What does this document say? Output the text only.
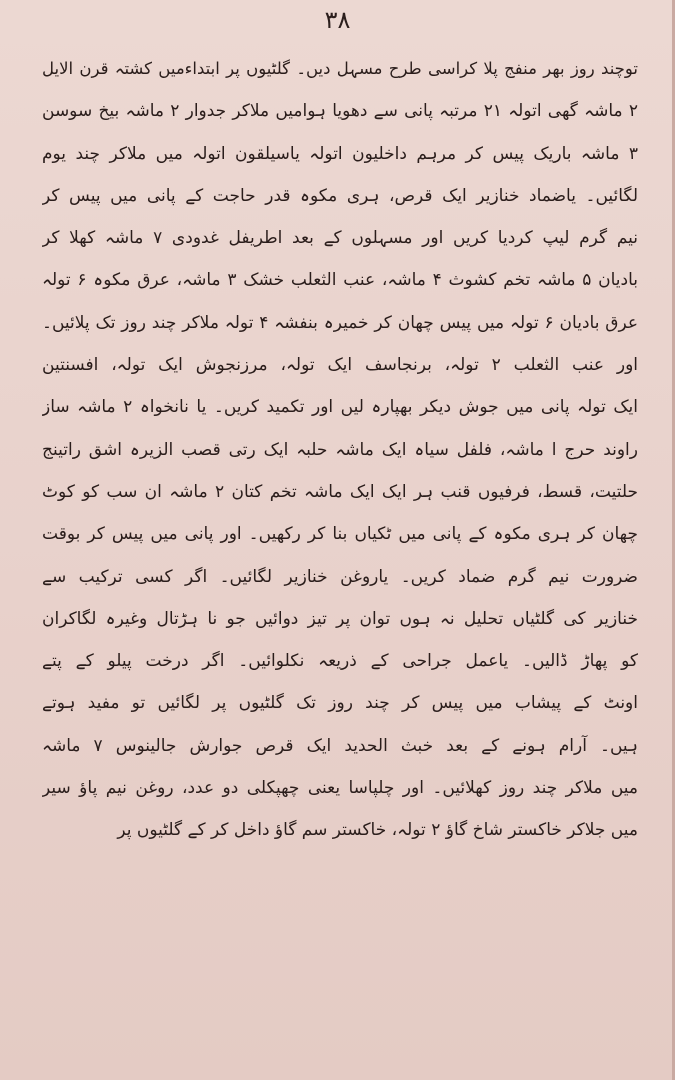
۳۸
توچند روز بھر منفج پلا کراسی طرح مسہل دیں۔ گلٹیوں پر ابتداءمیں کشتہ قرن الایل
۲ ماشہ گھی اتولہ ۲۱ مرتبہ پانی سے دھویا ہوامیں ملاکر جدوار ۲ ماشہ بیخ سوسن
۳ ماشہ باریک پیس کر مرہم داخلیون اتولہ یاسیلقون اتولہ میں ملاکر چند یوم
لگائیں۔ یاضماد خنازیر ایک قرص، ہری مکوہ قدر حاجت کے پانی میں پیس کر
نیم گرم لیپ کردیا کریں اور مسہلوں کے بعد اطریفل غدودی ۷ ماشہ کھلا کر
بادیان ۵ ماشہ تخم کشوث ۴ ماشہ، عنب الثعلب خشک ۳ ماشہ، عرق مکوہ ۶ تولہ
عرق بادیان ۶ تولہ میں پیس چھان کر خمیرہ بنفشہ ۴ تولہ ملاکر چند روز تک پلائیں۔
اور عنب الثعلب ۲ تولہ، برنجاسف ایک تولہ، مرزنجوش ایک تولہ، افسنتین
ایک تولہ پانی میں جوش دیکر بھپارہ لیں اور تکمید کریں۔ یا نانخواہ ۲ ماشہ ساز
راوند حرج ا ماشہ، فلفل سیاہ ایک ماشہ حلبہ ایک رتی قصب الزیرہ اشق راتینج
حلتیت، قسط، فرفیوں قنب ہر ایک ایک ماشہ تخم کتان ۲ ماشہ ان سب کو کوٹ
چھان کر ہری مکوہ کے پانی میں ٹکیاں بنا کر رکھیں۔ اور پانی میں پیس کر بوقت
ضرورت نیم گرم ضماد کریں۔ یاروغن خنازیر لگائیں۔ اگر کسی ترکیب سے
خنازیر کی گلٹیاں تحلیل نہ ہوں توان پر تیز دوائیں جو نا ہڑتال وغیرہ لگاکران
کو پھاڑ ڈالیں۔ یاعمل جراحی کے ذریعہ نکلوائیں۔ اگر درخت پیلو کے پتے
اونٹ کے پیشاب میں پیس کر چند روز تک گلٹیوں پر لگائیں تو مفید ہوتے
ہیں۔ آرام ہونے کے بعد خبث الحدید ایک قرص جوارش جالینوس ۷ ماشہ
میں ملاکر چند روز کھلائیں۔ اور چلپاسا یعنی چھپکلی دو عدد، روغن نیم پاؤ سیر
میں جلاکر خاکستر شاخ گاؤ ۲ تولہ، خاکستر سم گاؤ داخل کر کے گلٹیوں پر
